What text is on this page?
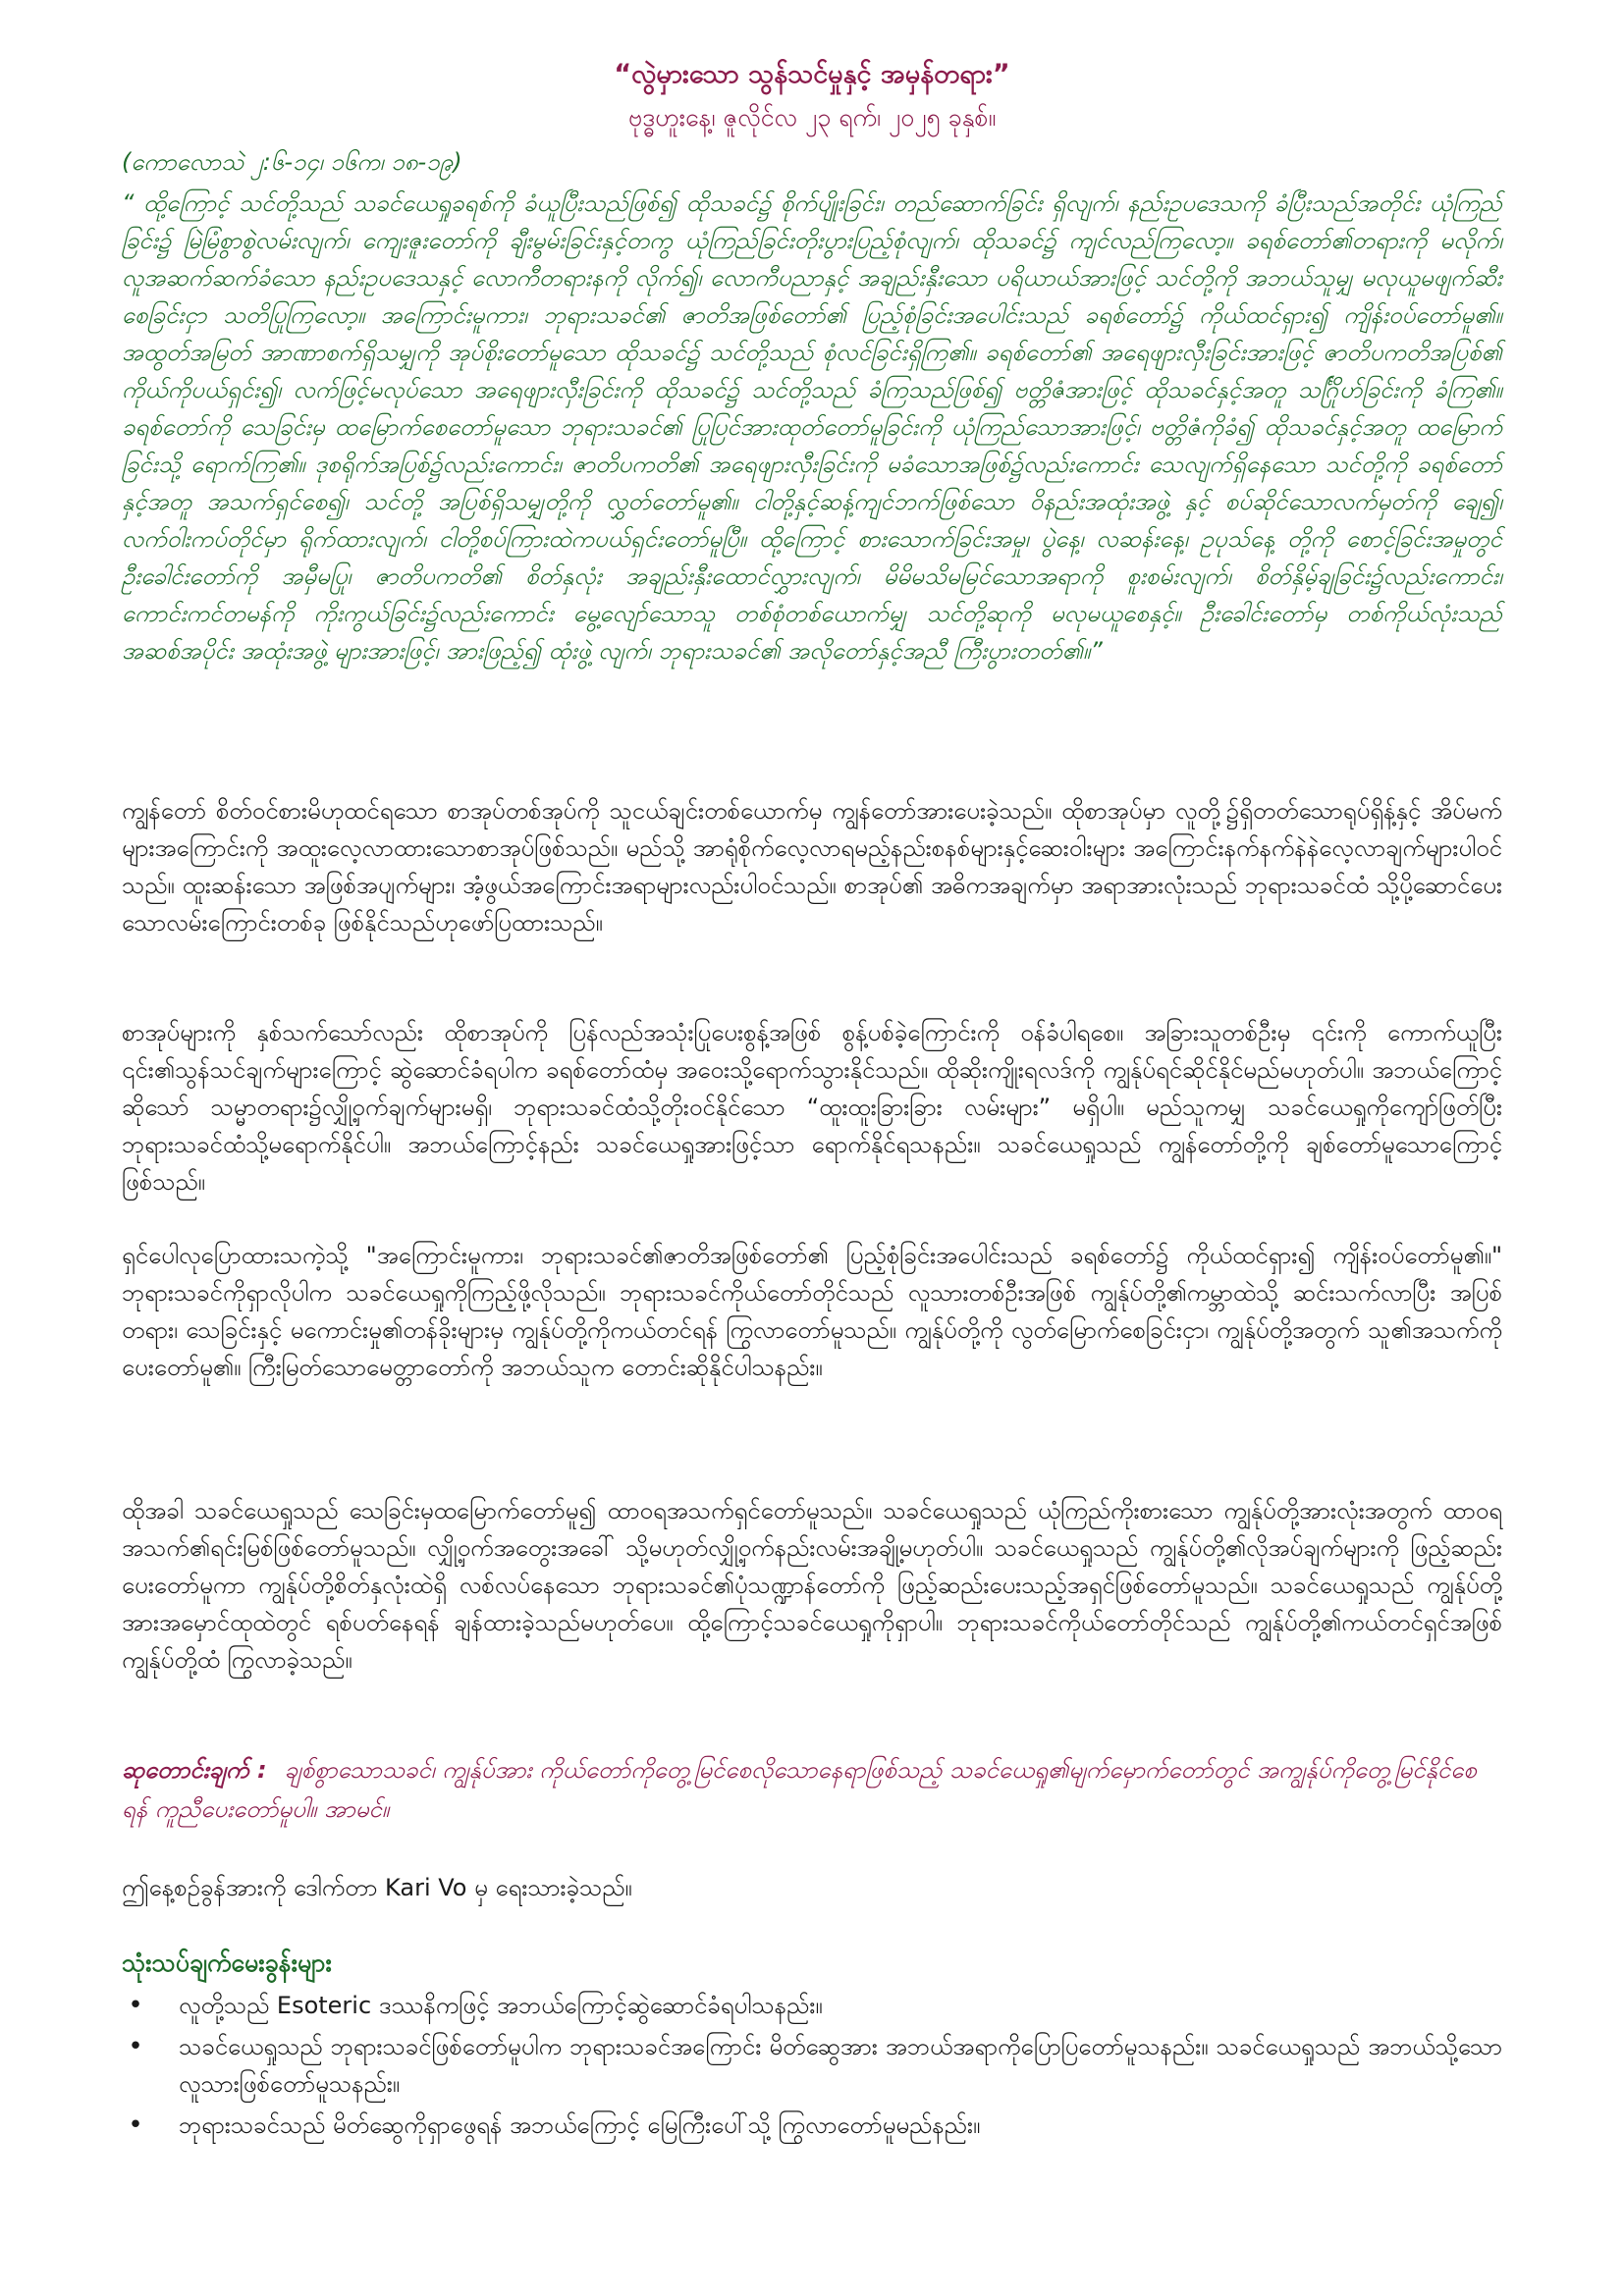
“လွဲမှားသော သွန်သင်မှုနှင့် အမှန်တရား”
ဗုဒ္ဓဟူးနေ့၊ ဇူလိုင်လ ၂၃ ရက်၊ ၂၀၂၅ ခုနှစ်။
(ကောလောသဲ ၂:၆-၁၄၊ ၁၆က၊ ၁၈-၁၉)
“ ထို့ကြောင့် သင်တို့သည် သခင်ယေရှုခရစ်ကို ခံယူပြီးသည်ဖြစ်၍ ထိုသခင်၌ စိုက်ပျိုးခြင်း၊ တည်ဆောက်ခြင်း ရှိလျက်၊ နည်းဥပဒေသကို ခံပြီးသည်အတိုင်း ယုံကြည်ခြင်း၌ မြဲမြံစွာစွဲလမ်းလျက်၊ ကျေးဇူးတော်ကို ချီးမွမ်းခြင်းနှင့်တကွ ယုံကြည်ခြင်းတိုးပွားပြည့်စုံလျက်၊ ထိုသခင်၌ ကျင်လည်ကြလော့။ ခရစ်တော်၏တရားကို မလိုက်၊ လူအဆက်ဆက်ခံသော နည်းဥပဒေသနှင့် လောကီတရားနကို လိုက်၍၊ လောကီပညာနှင့် အချည်းနှီးသော ပရိယာယ်အားဖြင့် သင်တို့ကို အဘယ်သူမျှ မလုယူမဖျက်ဆီး စေခြင်းငှာ သတိပြုကြလော့။ အကြောင်းမူကား၊ ဘုရားသခင်၏ ဇာတိအဖြစ်တော်၏ ပြည့်စုံခြင်းအပေါင်းသည် ခရစ်တော်၌ ကိုယ်ထင်ရှား၍ ကျိန်းဝပ်တော်မူ၏။ အထွတ်အမြတ် အာဏာစက်ရှိသမျှကို အုပ်စိုးတော်မူသော ထိုသခင်၌ သင်တို့သည် စုံလင်ခြင်းရှိကြ၏။ ခရစ်တော်၏ အရေဖျားလှီးခြင်းအားဖြင့် ဇာတိပကတိအပြစ်၏ ကိုယ်ကိုပယ်ရှင်း၍၊ လက်ဖြင့်မလုပ်သော အရေဖျားလှီးခြင်းကို ထိုသခင်၌ သင်တို့သည် ခံကြသည်ဖြစ်၍ ဗတ္တိဇံအားဖြင့် ထိုသခင်နှင့်အတူ သင်္ဂြိုဟ်ခြင်းကို ခံကြ၏။ ခရစ်တော်ကို သေခြင်းမှ ထမြောက်စေတော်မူသော ဘုရားသခင်၏ ပြုပြင်အားထုတ်တော်မူခြင်းကို ယုံကြည်သောအားဖြင့်၊ ဗတ္တိဇံကိုခံ၍ ထိုသခင်နှင့်အတူ ထမြောက်ခြင်းသို့ ရောက်ကြ၏။ ဒုစရိုက်အပြစ်၌လည်းကောင်း၊ ဇာတိပကတိ၏ အရေဖျားလှီးခြင်းကို မခံသောအဖြစ်၌လည်းကောင်း သေလျက်ရှိနေသော သင်တို့ကို ခရစ်တော်နှင့်အတူ အသက်ရှင်စေ၍၊ သင်တို့ အပြစ်ရှိသမျှတို့ကို လွှတ်တော်မူ၏။ ငါတို့နှင့်ဆန့်ကျင်ဘက်ဖြစ်သော ဝိနည်းအထုံးအဖွဲ့ နှင့် စပ်ဆိုင်သောလက်မှတ်ကို ချေ၍၊ လက်ဝါးကပ်တိုင်မှာ ရိုက်ထားလျက်၊ ငါတို့စပ်ကြားထဲကပယ်ရှင်းတော်မူပြီ။ ထို့ကြောင့် စားသောက်ခြင်းအမှု၊ ပွဲနေ့၊ လဆန်းနေ့၊ ဥပုသ်နေ့ တို့ကို စောင့်ခြင်းအမှုတွင် ဦးခေါင်းတော်ကို အမှီမပြု၊ ဇာတိပကတိ၏ စိတ်နှလုံး အချည်းနှီးထောင်လွှားလျက်၊ မိမိမသိမမြင်သောအရာကို စူးစမ်းလျက်၊ စိတ်နှိမ့်ချခြင်း၌လည်းကောင်း၊ ကောင်းကင်တမန်ကို ကိုးကွယ်ခြင်း၌လည်းကောင်း မွေ့လျော်သောသူ တစ်စုံတစ်ယောက်မျှ သင်တို့ဆုကို မလုမယူစေနှင့်။ ဦးခေါင်းတော်မှ တစ်ကိုယ်လုံးသည် အဆစ်အပိုင်း အထုံးအဖွဲ့ များအားဖြင့်၊ အားဖြည့်၍ ထုံးဖွဲ့ လျက်၊ ဘုရားသခင်၏ အလိုတော်နှင့်အညီ ကြီးပွားတတ်၏။”
ကျွန်တော် စိတ်ဝင်စားမိဟုထင်ရသော စာအုပ်တစ်အုပ်ကို သူငယ်ချင်းတစ်ယောက်မှ ကျွန်တော်အားပေးခဲ့သည်။ ထိုစာအုပ်မှာ လူတို့၌ရှိတတ်သောရုပ်ရှိန့်နှင့် အိပ်မက်များအကြောင်းကို အထူးလေ့လာထားသောစာအုပ်ဖြစ်သည်။ မည်သို့ အာရုံစိုက်လေ့လာရမည့်နည်းစနစ်များနှင့်ဆေးဝါးများ အကြောင်းနက်နက်နဲနဲလေ့လာချက်များပါဝင်သည်။ ထူးဆန်းသော အဖြစ်အပျက်များ၊ အံ့ဖွယ်အကြောင်းအရာများလည်းပါဝင်သည်။ စာအုပ်၏ အဓိကအချက်မှာ အရာအားလုံးသည် ဘုရားသခင်ထံ သို့ပို့ဆောင်ပေးသောလမ်းကြောင်းတစ်ခု ဖြစ်နိုင်သည်ဟုဖော်ပြထားသည်။
စာအုပ်များကို နှစ်သက်သော်လည်း ထိုစာအုပ်ကို ပြန်လည်အသုံးပြုပေးစွန့်အဖြစ် စွန့်ပစ်ခဲ့ကြောင်းကို ဝန်ခံပါရစေ။ အခြားသူတစ်ဦးမှ ၎င်းကို ကောက်ယူပြီး ၎င်း၏သွန်သင်ချက်များကြောင့် ဆွဲဆောင်ခံရပါက ခရစ်တော်ထံမှ အဝေးသို့ရောက်သွားနိုင်သည်။ ထိုဆိုးကျိုးရလဒ်ကို ကျွန်ုပ်ရင်ဆိုင်နိုင်မည်မဟုတ်ပါ။ အဘယ်ကြောင့်ဆိုသော် သမ္မာတရား၌လျှို့ဝှက်ချက်များမရှိ၊ ဘုရားသခင်ထံသို့တိုးဝင်နိုင်သော “ထူးထူးခြားခြား လမ်းများ” မရှိပါ။ မည်သူကမျှ သခင်ယေရှုကိုကျော်ဖြတ်ပြီး ဘုရားသခင်ထံသို့မရောက်နိုင်ပါ။ အဘယ်ကြောင့်နည်း သခင်ယေရှုအားဖြင့်သာ ရောက်နိုင်ရသနည်း။ သခင်ယေရှုသည် ကျွန်တော်တို့ကို ချစ်တော်မူသောကြောင့်ဖြစ်သည်။
ရှင်ပေါလုပြောထားသကဲ့သို့ "အကြောင်းမူကား၊ ဘုရားသခင်၏ဇာတိအဖြစ်တော်၏ ပြည့်စုံခြင်းအပေါင်းသည် ခရစ်တော်၌ ကိုယ်ထင်ရှား၍ ကျိန်းဝပ်တော်မူ၏။" ဘုရားသခင်ကိုရှာလိုပါက သခင်ယေရှုကိုကြည့်ဖို့လိုသည်။ ဘုရားသခင်ကိုယ်တော်တိုင်သည် လူသားတစ်ဦးအဖြစ် ကျွန်ုပ်တို့၏ကမ္ဘာထဲသို့ ဆင်းသက်လာပြီး အပြစ်တရား၊ သေခြင်းနှင့် မကောင်းမှု၏တန်ခိုးများမှ ကျွန်ုပ်တို့ကိုကယ်တင်ရန် ကြွလာတော်မူသည်။ ကျွန်ုပ်တို့ကို လွတ်မြောက်စေခြင်းငှာ၊ ကျွန်ုပ်တို့အတွက် သူ၏အသက်ကို ပေးတော်မူ၏။ ကြီးမြတ်သောမေတ္တာတော်ကို အဘယ်သူက တောင်းဆိုနိုင်ပါသနည်း။
ထိုအခါ သခင်ယေရှုသည် သေခြင်းမှထမြောက်တော်မူ၍ ထာဝရအသက်ရှင်တော်မူသည်။ သခင်ယေရှုသည် ယုံကြည်ကိုးစားသော ကျွန်ုပ်တို့အားလုံးအတွက် ထာဝရအသက်၏ရင်းမြစ်ဖြစ်တော်မူသည်။ လျှို့ဝှက်အတွေးအခေါ် သို့မဟုတ်လျှို့ဝှက်နည်းလမ်းအချို့မဟုတ်ပါ။ သခင်ယေရှုသည် ကျွန်ုပ်တို့၏လိုအပ်ချက်များကို ဖြည့်ဆည်းပေးတော်မူကာ ကျွန်ုပ်တို့စိတ်နှလုံးထဲရှိ လစ်လပ်နေသော ဘုရားသခင်၏ပုံသဏ္ဍာန်တော်ကို ဖြည့်ဆည်းပေးသည့်အရှင်ဖြစ်တော်မူသည်။ သခင်ယေရှုသည် ကျွန်ုပ်တို့အားအမှောင်ထုထဲတွင် ရစ်ပတ်နေရန် ချန်ထားခဲ့သည်မဟုတ်ပေ။ ထို့ကြောင့်သခင်ယေရှုကိုရှာပါ။ ဘုရားသခင်ကိုယ်တော်တိုင်သည် ကျွန်ုပ်တို့၏ကယ်တင်ရှင်အဖြစ် ကျွန်ုပ်တို့ထံ ကြွလာခဲ့သည်။
ဆုတောင်းချက် : ချစ်စွာသောသခင်၊ ကျွန်ုပ်အား ကိုယ်တော်ကိုတွေ့မြင်စေလိုသောနေရာဖြစ်သည့် သခင်ယေရှု၏မျက်မှောက်တော်တွင် အကျွန်ုပ်ကိုတွေ့မြင်နိုင်စေရန် ကူညီပေးတော်မူပါ။ အာမင်။
ဤနေ့စဉ်ခွန်အားကို ဒေါက်တာ Kari Vo မှ ရေးသားခဲ့သည်။
သုံးသပ်ချက်မေးခွန်းများ
• လူတို့သည် Esoteric ဒဿနိကဖြင့် အဘယ်ကြောင့်ဆွဲဆောင်ခံရပါသနည်း။
• သခင်ယေရှုသည် ဘုရားသခင်ဖြစ်တော်မူပါက ဘုရားသခင်အကြောင်း မိတ်ဆွေအား အဘယ်အရာကိုပြောပြတော်မူသနည်း။ သခင်ယေရှုသည် အဘယ်သို့သောလူသားဖြစ်တော်မူသနည်း။
• ဘုရားသခင်သည် မိတ်ဆွေကိုရှာဖွေရန် အဘယ်ကြောင့် မြေကြီးပေါ်သို့ ကြွလာတော်မူမည်နည်း။
